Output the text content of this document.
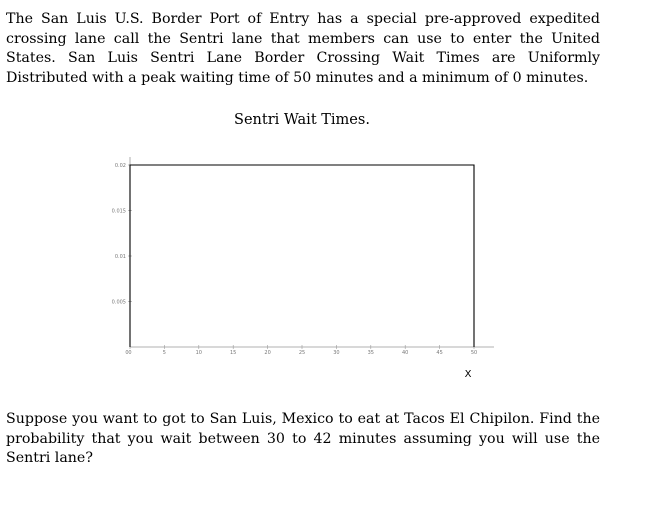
The San Luis U.S. Border Port of Entry has a special pre-approved expedited crossing lane call the Sentri lane that members can use to enter the United States. San Luis Sentri Lane Border Crossing Wait Times are Uniformly Distributed with a peak waiting time of 50 minutes and a minimum of 0 minutes.

Sentri Wait Times.
0	5	10	15	20	25	30	35	40	45	50
0.005
0.01
0.015
0.02
0
X

Suppose you want to got to San Luis, Mexico to eat at Tacos El Chipilon. Find the probability that you wait between 30 to 42 minutes assuming you will use the Sentri lane?
